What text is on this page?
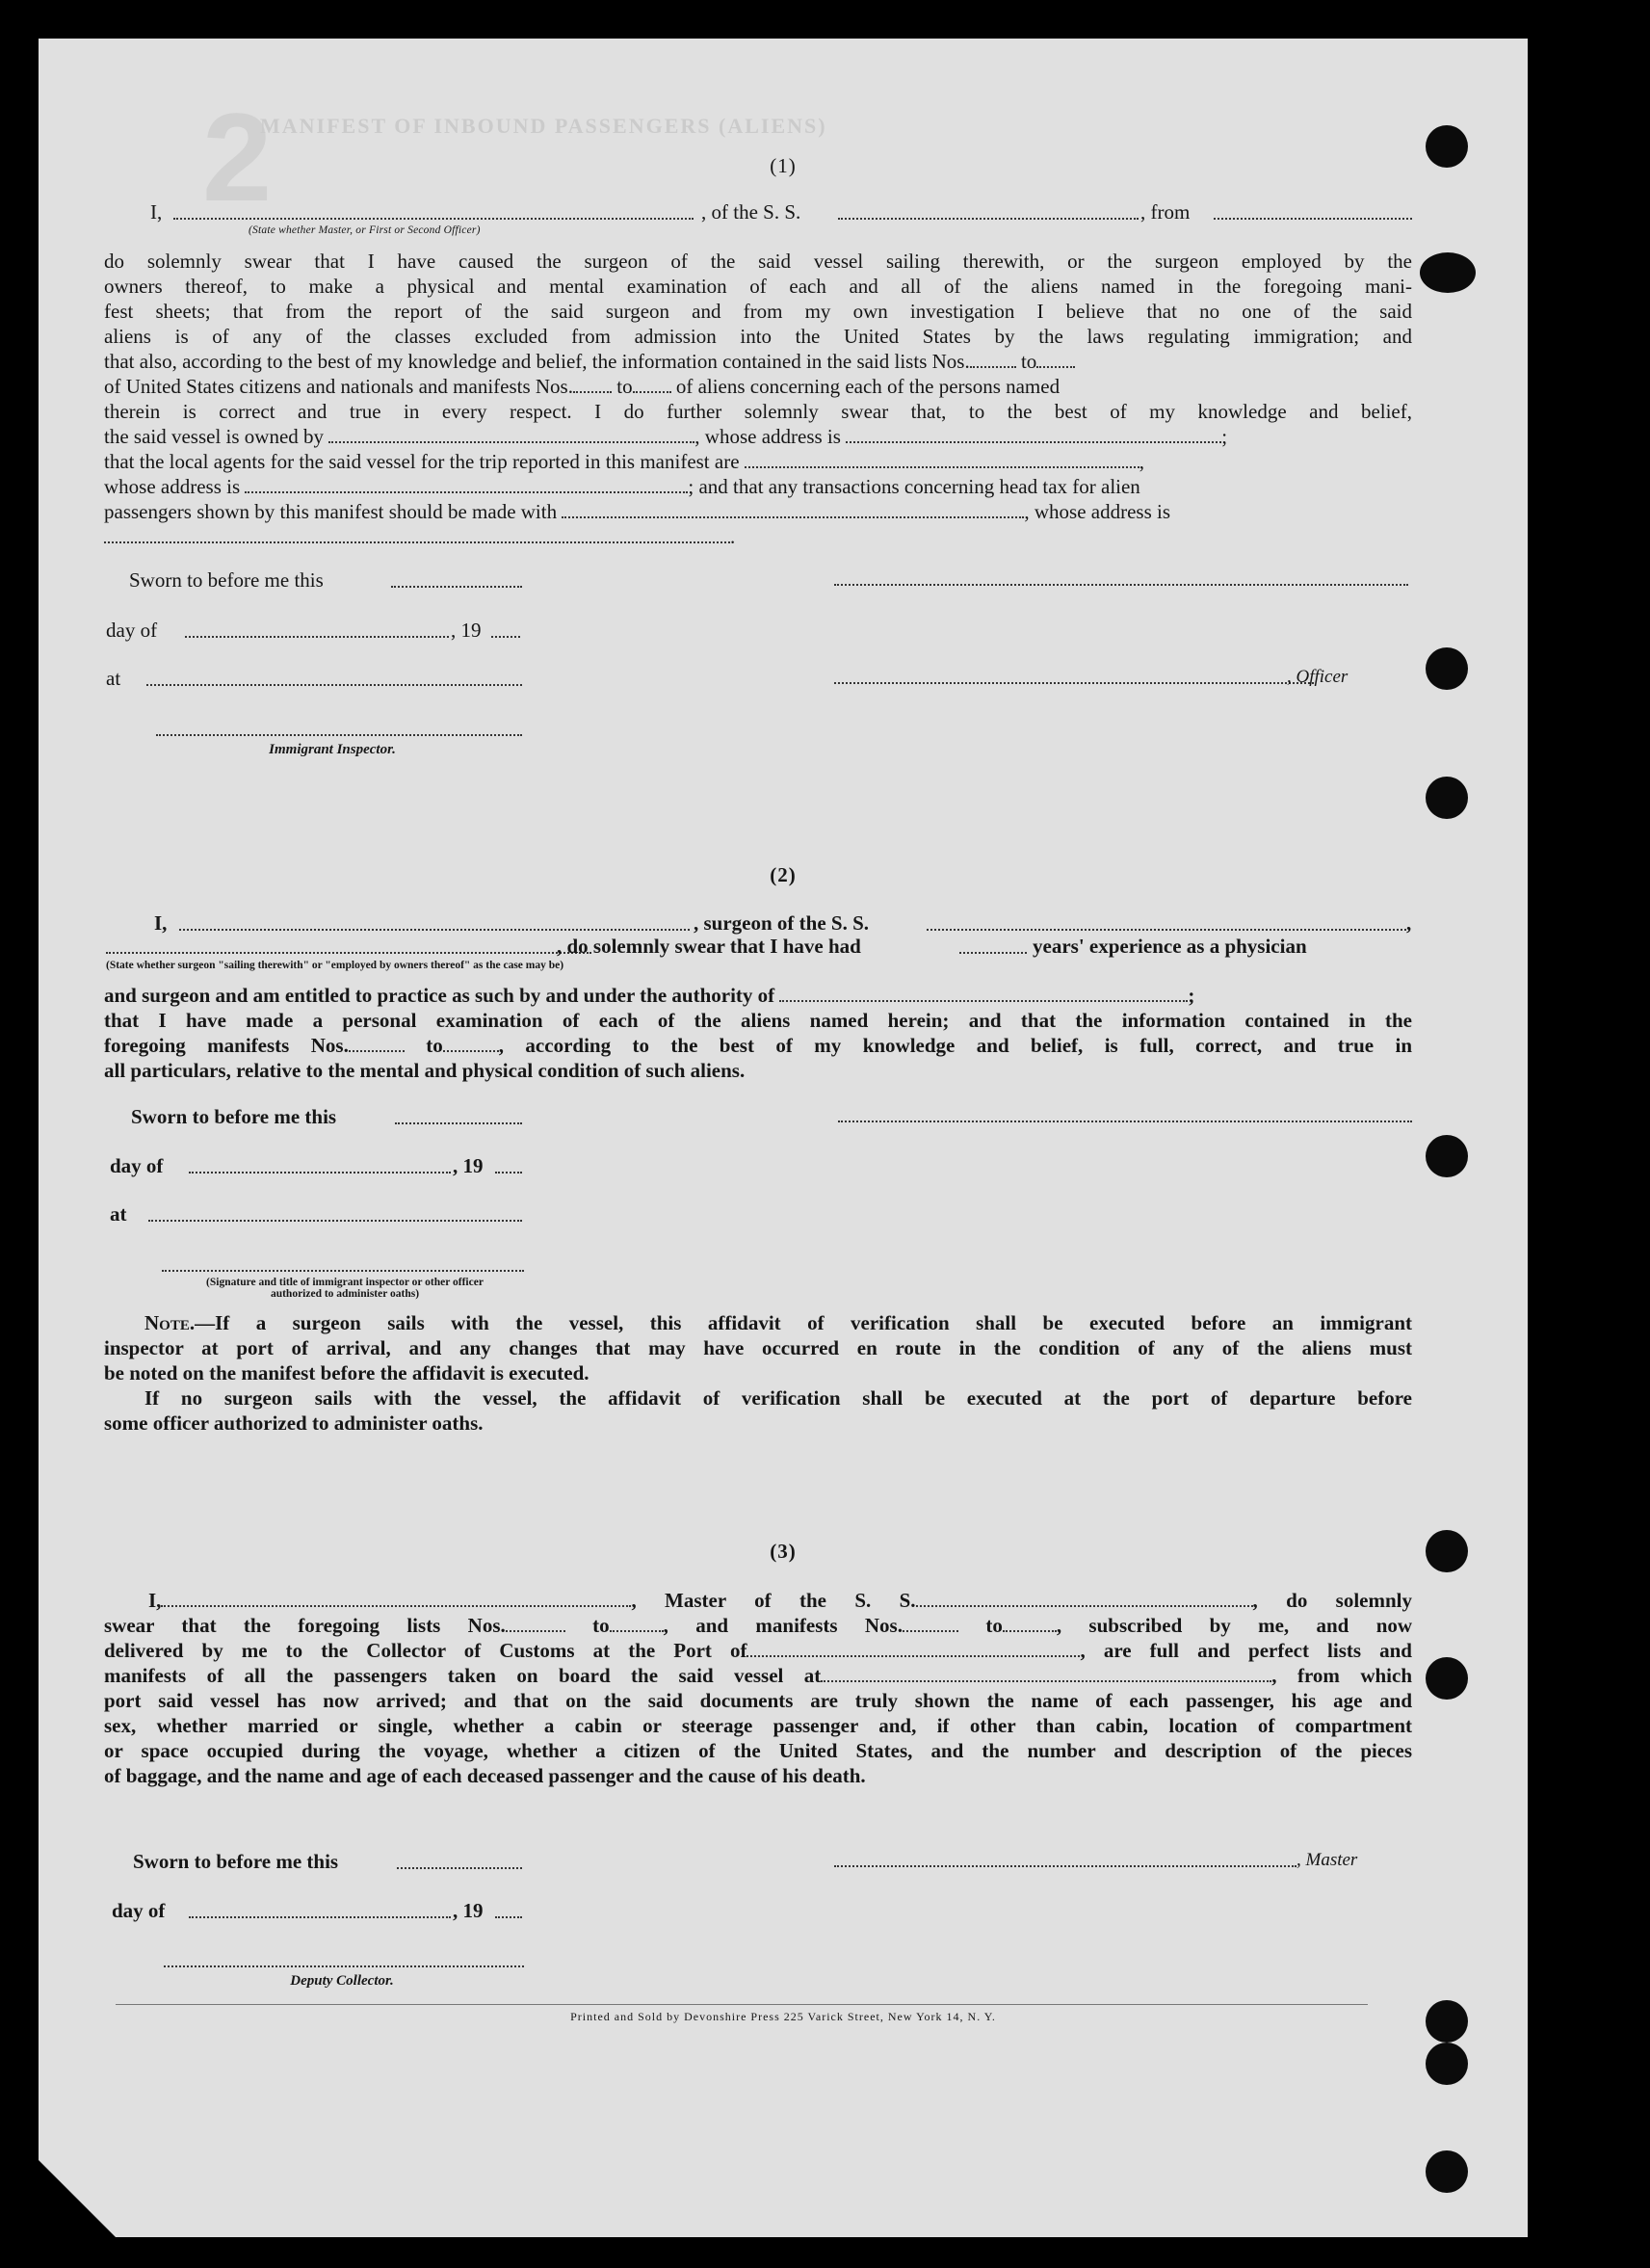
2
MANIFEST OF INBOUND PASSENGERS (ALIENS)
(1)
I,	, of the S. S.	, from
(State whether Master, or First or Second Officer)
do solemnly swear that I have caused the surgeon of the said vessel sailing therewith, or the surgeon employed by the
owners thereof, to make a physical and mental examination of each and all of the aliens named in the foregoing mani-
fest sheets; that from the report of the said surgeon and from my own investigation I believe that no one of the said
aliens is of any of the classes excluded from admission into the United States by the laws regulating immigration; and
that also, according to the best of my knowledge and belief, the information contained in the said lists Nos.	to
of United States citizens and nationals and manifests Nos. to of aliens concerning each of the persons named
therein is correct and true in every respect. I do further solemnly swear that, to the best of my knowledge and belief,
the said vessel is owned by	, whose address is	;
that the local agents for the said vessel for the trip reported in this manifest are	,
whose address is	; and that any transactions concerning head tax for alien
passengers shown by this manifest should be made with	, whose address is
.
Sworn to before me this
day of	, 19
at	, Officer
Immigrant Inspector.
(2)
I,	, surgeon of the S. S.	,
, do solemnly swear that I have had	years' experience as a physician
(State whether surgeon "sailing therewith" or "employed by owners thereof" as the case may be)
and surgeon and am entitled to practice as such by and under the authority of	;
that I have made a personal examination of each of the aliens named herein; and that the information contained in the
foregoing manifests Nos.	to	, according to the best of my knowledge and belief, is full, correct, and true in
all particulars, relative to the mental and physical condition of such aliens.
Sworn to before me this
day of	, 19
at
(Signature and title of immigrant inspector or other officer authorized to administer oaths)
Note.—If a surgeon sails with the vessel, this affidavit of verification shall be executed before an immigrant
inspector at port of arrival, and any changes that may have occurred en route in the condition of any of the aliens must
be noted on the manifest before the affidavit is executed.
If no surgeon sails with the vessel, the affidavit of verification shall be executed at the port of departure before
some officer authorized to administer oaths.
(3)
I,	, Master of the S. S.	, do solemnly
swear that the foregoing lists Nos.	to	, and manifests Nos.	to	, subscribed by me, and now
delivered by me to the Collector of Customs at the Port of	, are full and perfect lists and
manifests of all the passengers taken on board the said vessel at	, from which
port said vessel has now arrived; and that on the said documents are truly shown the name of each passenger, his age and
sex, whether married or single, whether a cabin or steerage passenger and, if other than cabin, location of compartment
or space occupied during the voyage, whether a citizen of the United States, and the number and description of the pieces
of baggage, and the name and age of each deceased passenger and the cause of his death.
Sworn to before me this	, Master
day of	, 19
Deputy Collector.
Printed and Sold by Devonshire Press 225 Varick Street, New York 14, N. Y.
